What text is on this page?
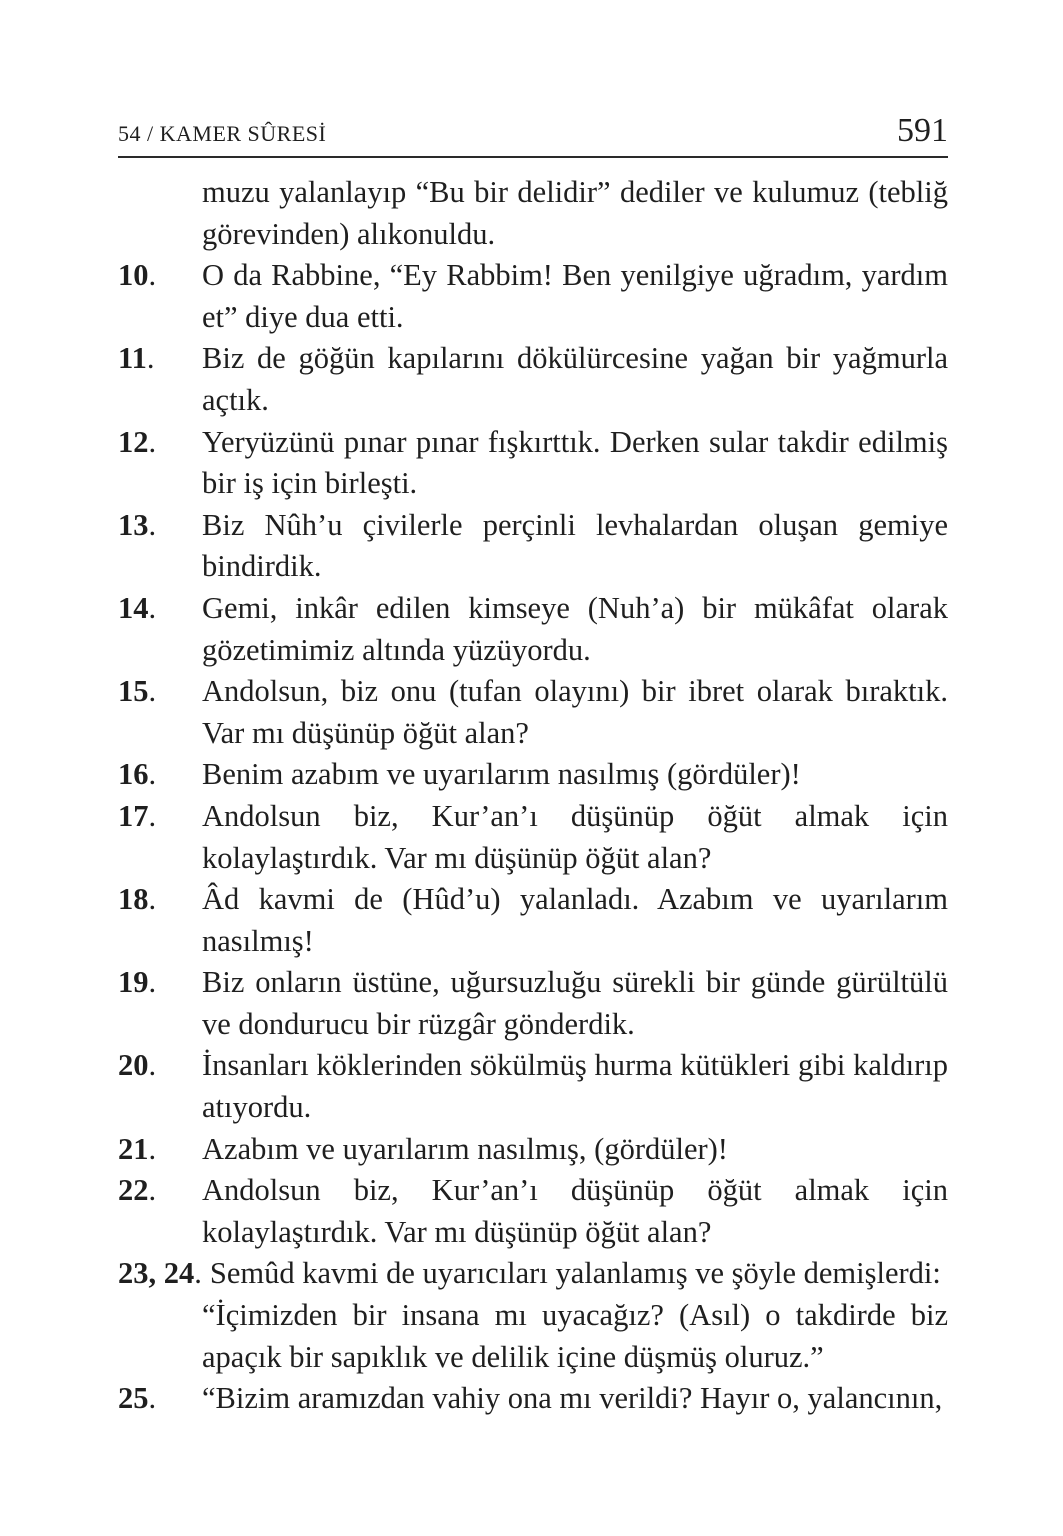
54 / KAMER SÛRESİ	591
muzu yalanlayıp “Bu bir delidir” dediler ve kulumuz (tebliğ görevinden) alıkonuldu.
10.	O da Rabbine, “Ey Rabbim! Ben yenilgiye uğradım, yardım et” diye dua etti.
11.	Biz de göğün kapılarını dökülürcesine yağan bir yağmurla açtık.
12.	Yeryüzünü pınar pınar fışkırttık. Derken sular takdir edilmiş bir iş için birleşti.
13.	Biz Nûh’u çivilerle perçinli levhalardan oluşan gemiye bindirdik.
14.	Gemi, inkâr edilen kimseye (Nuh’a) bir mükâfat olarak gözetimimiz altında yüzüyordu.
15.	Andolsun, biz onu (tufan olayını) bir ibret olarak bıraktık. Var mı düşünüp öğüt alan?
16.	Benim azabım ve uyarılarım nasılmış (gördüler)!
17.	Andolsun biz, Kur’an’ı düşünüp öğüt almak için kolaylaştırdık. Var mı düşünüp öğüt alan?
18.	Âd kavmi de (Hûd’u) yalanladı. Azabım ve uyarılarım nasılmış!
19.	Biz onların üstüne, uğursuzluğu sürekli bir günde gürültülü ve dondurucu bir rüzgâr gönderdik.
20.	İnsanları köklerinden sökülmüş hurma kütükleri gibi kaldırıp atıyordu.
21.	Azabım ve uyarılarım nasılmış, (gördüler)!
22.	Andolsun biz, Kur’an’ı düşünüp öğüt almak için kolaylaştırdık. Var mı düşünüp öğüt alan?
23, 24. Semûd kavmi de uyarıcıları yalanlamış ve şöyle demişlerdi:
“İçimizden bir insana mı uyacağız? (Asıl) o takdirde biz apaçık bir sapıklık ve delilik içine düşmüş oluruz.”
25.	“Bizim aramızdan vahiy ona mı verildi? Hayır o, yalancının,
